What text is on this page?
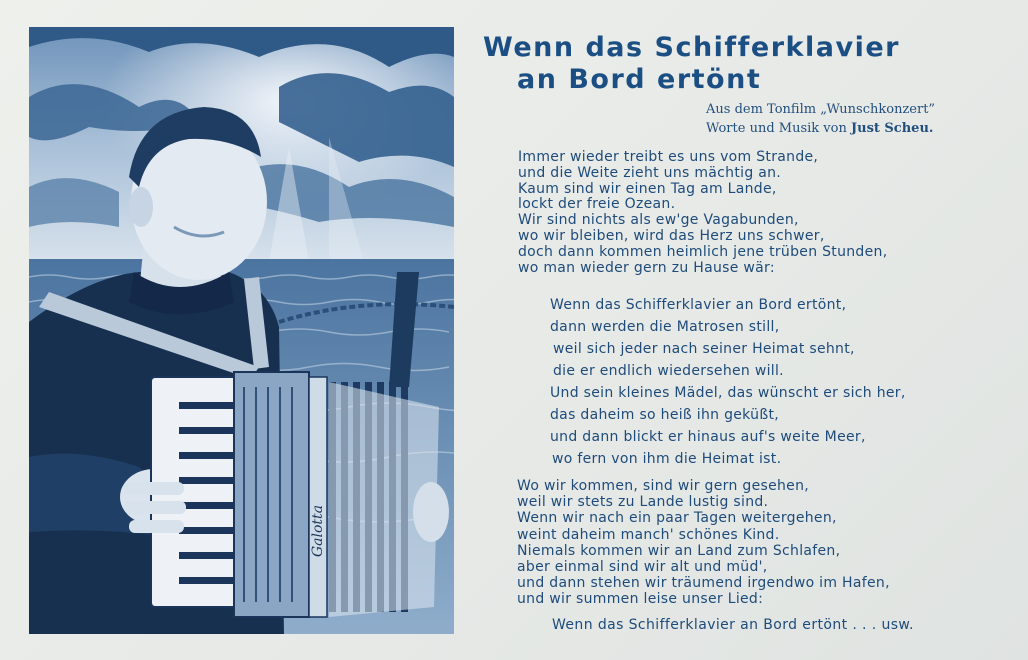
Galotta
Wenn das Schifferklavier
an Bord ertönt
Aus dem Tonfilm „Wunschkonzert”
Worte und Musik von Just Scheu.
Immer wieder treibt es uns vom Strande,
und die Weite zieht uns mächtig an.
Kaum sind wir einen Tag am Lande,
lockt der freie Ozean.
Wir sind nichts als ew'ge Vagabunden,
wo wir bleiben, wird das Herz uns schwer,
doch dann kommen heimlich jene trüben Stunden,
wo man wieder gern zu Hause wär:
Wenn das Schifferklavier an Bord ertönt,
dann werden die Matrosen still,
weil sich jeder nach seiner Heimat sehnt,
die er endlich wiedersehen will.
Und sein kleines Mädel, das wünscht er sich her,
das daheim so heiß ihn geküßt,
und dann blickt er hinaus auf's weite Meer,
wo fern von ihm die Heimat ist.
Wo wir kommen, sind wir gern gesehen,
weil wir stets zu Lande lustig sind.
Wenn wir nach ein paar Tagen weitergehen,
weint daheim manch' schönes Kind.
Niemals kommen wir an Land zum Schlafen,
aber einmal sind wir alt und müd',
und dann stehen wir träumend irgendwo im Hafen,
und wir summen leise unser Lied:
Wenn das Schifferklavier an Bord ertönt . . . usw.
